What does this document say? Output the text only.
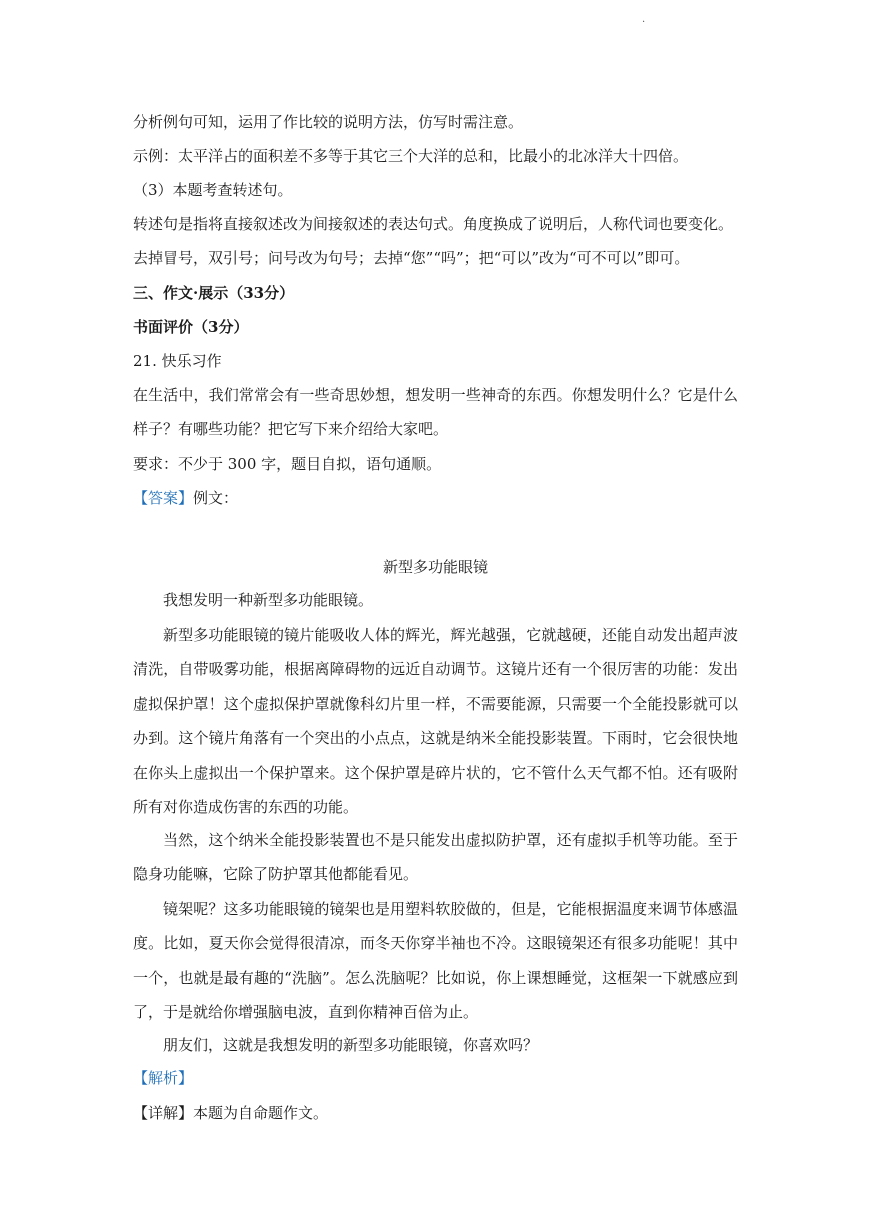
.
分析例句可知，运用了作比较的说明方法，仿写时需注意。
示例：太平洋占的面积差不多等于其它三个大洋的总和，比最小的北冰洋大十四倍。
（3）本题考查转述句。
转述句是指将直接叙述改为间接叙述的表达句式。角度换成了说明后，人称代词也要变化。
去掉冒号，双引号；问号改为句号；去掉“您”“吗”；把“可以”改为“可不可以”即可。
三、作文·展示（33分）
书面评价（3分）
21. 快乐习作
在生活中，我们常常会有一些奇思妙想，想发明一些神奇的东西。你想发明什么？它是什么样子？有哪些功能？把它写下来介绍给大家吧。
要求：不少于 300 字，题目自拟，语句通顺。
【答案】例文：
新型多功能眼镜
我想发明一种新型多功能眼镜。
新型多功能眼镜的镜片能吸收人体的辉光，辉光越强，它就越硬，还能自动发出超声波清洗，自带吸雾功能，根据离障碍物的远近自动调节。这镜片还有一个很厉害的功能：发出虚拟保护罩！这个虚拟保护罩就像科幻片里一样，不需要能源，只需要一个全能投影就可以办到。这个镜片角落有一个突出的小点点，这就是纳米全能投影装置。下雨时，它会很快地在你头上虚拟出一个保护罩来。这个保护罩是碎片状的，它不管什么天气都不怕。还有吸附所有对你造成伤害的东西的功能。
当然，这个纳米全能投影装置也不是只能发出虚拟防护罩，还有虚拟手机等功能。至于隐身功能嘛，它除了防护罩其他都能看见。
镜架呢？这多功能眼镜的镜架也是用塑料软胶做的，但是，它能根据温度来调节体感温度。比如，夏天你会觉得很清凉，而冬天你穿半袖也不冷。这眼镜架还有很多功能呢！其中一个，也就是最有趣的“洗脑”。怎么洗脑呢？比如说，你上课想睡觉，这框架一下就感应到了，于是就给你增强脑电波，直到你精神百倍为止。
朋友们，这就是我想发明的新型多功能眼镜，你喜欢吗？
【解析】
【详解】本题为自命题作文。
